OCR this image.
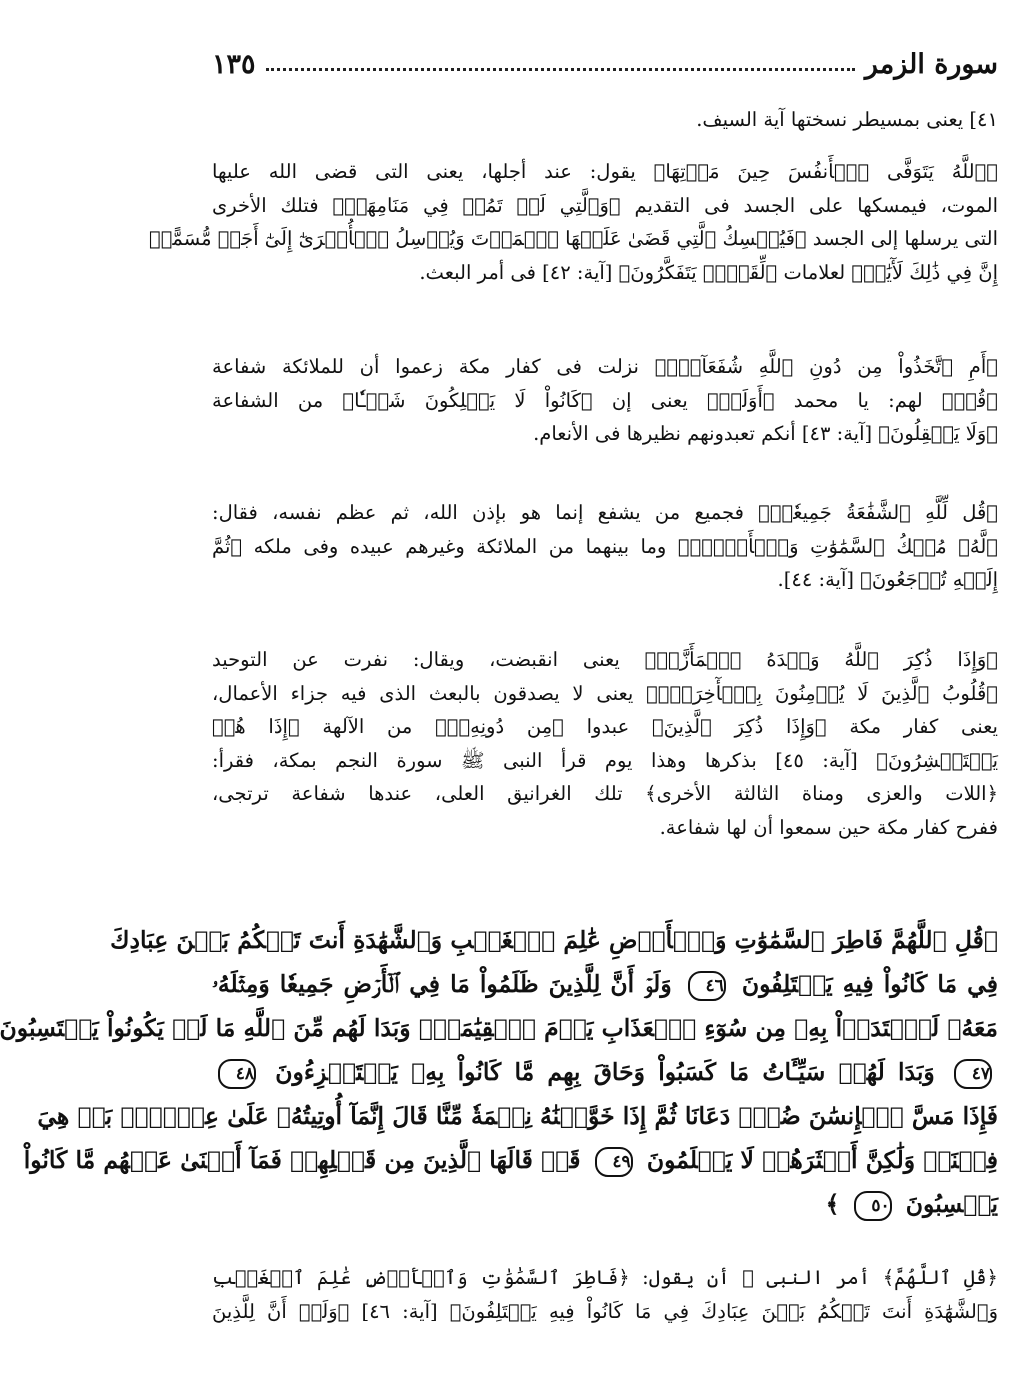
سورة الزمر
١٣٥
٤١] يعنى بمسيطر نسختها آية السيف.
﴿ٱللَّهُ يَتَوَفَّى ٱلۡأَنفُسَ حِينَ مَوۡتِهَا﴾ يقول: عند أجلها، يعنى التى قضى الله عليها
الموت، فيمسكها على الجسد فى التقديم ﴿وَٱلَّتِي لَمۡ تَمُتۡ فِي مَنَامِهَاۖ﴾ فتلك الأخرى
التى يرسلها إلى الجسد ﴿فَيُمۡسِكُ ٱلَّتِي قَضَىٰ عَلَيۡهَا ٱلۡمَوۡتَ وَيُرۡسِلُ ٱلۡأُخۡرَىٰٓ إِلَىٰٓ أَجَلٖ مُّسَمًّىۚ
إِنَّ فِي ذَٰلِكَ لَأٓيَٰتٖ﴾ لعلامات ﴿لِّقَوۡمٖ يَتَفَكَّرُونَ﴾ [آية: ٤٢] فى أمر البعث.
﴿أَمِ ٱتَّخَذُواْ مِن دُونِ ٱللَّهِ شُفَعَآءَۚ﴾ نزلت فى كفار مكة زعموا أن للملائكة شفاعة
﴿قُلۡ﴾ لهم: يا محمد ﴿أَوَلَوۡ﴾ يعنى إن ﴿كَانُواْ لَا يَمۡلِكُونَ شَيۡـٔٗا﴾ من الشفاعة
﴿وَلَا يَعۡقِلُونَ﴾ [آية: ٤٣] أنكم تعبدونهم نظيرها فى الأنعام.
﴿قُل لِّلَّهِ ٱلشَّفَٰعَةُ جَمِيعٗاۖ﴾ فجميع من يشفع إنما هو بإذن الله، ثم عظم نفسه، فقال:
﴿لَّهُۥ مُلۡكُ ٱلسَّمَٰوَٰتِ وَٱلۡأَرۡضِۖ﴾ وما بينهما من الملائكة وغيرهم عبيده وفى ملكه ﴿ثُمَّ
إِلَيۡهِ تُرۡجَعُونَ﴾ [آية: ٤٤].
﴿وَإِذَا ذُكِرَ ٱللَّهُ وَحۡدَهُ ٱشۡمَأَزَّتۡ﴾ يعنى انقبضت، ويقال: نفرت عن التوحيد
﴿قُلُوبُ ٱلَّذِينَ لَا يُؤۡمِنُونَ بِٱلۡأٓخِرَةِۖ﴾ يعنى لا يصدقون بالبعث الذى فيه جزاء الأعمال،
يعنى كفار مكة ﴿وَإِذَا ذُكِرَ ٱلَّذِينَ﴾ عبدوا ﴿مِن دُونِهِۦٓ﴾ من الآلهة ﴿إِذَا هُمۡ
يَسۡتَبۡشِرُونَ﴾ [آية: ٤٥] بذكرها وهذا يوم قرأ النبى ﷺ سورة النجم بمكة، فقرأ:
﴿اللات والعزى ومناة الثالثة الأخرى﴾ تلك الغرانيق العلى، عندها شفاعة ترتجى،
ففرح كفار مكة حين سمعوا أن لها شفاعة.
﴿قُلِ ٱللَّهُمَّ فَاطِرَ ٱلسَّمَٰوَٰتِ وَٱلۡأَرۡضِ عَٰلِمَ ٱلۡغَيۡبِ وَٱلشَّهَٰدَةِ أَنتَ تَحۡكُمُ بَيۡنَ عِبَادِكَ
فِي مَا كَانُواْ فِيهِ يَخۡتَلِفُونَ ٤٦ وَلَوۡ أَنَّ لِلَّذِينَ ظَلَمُواْ مَا فِي ٱلۡأَرۡضِ جَمِيعٗا وَمِثۡلَهُۥ
مَعَهُۥ لَٱفۡتَدَوۡاْ بِهِۦ مِن سُوٓءِ ٱلۡعَذَابِ يَوۡمَ ٱلۡقِيَٰمَةِۚ وَبَدَا لَهُم مِّنَ ٱللَّهِ مَا لَمۡ يَكُونُواْ يَحۡتَسِبُونَ
٤٧ وَبَدَا لَهُمۡ سَيِّـَٔاتُ مَا كَسَبُواْ وَحَاقَ بِهِم مَّا كَانُواْ بِهِۦ يَسۡتَهۡزِءُونَ ٤٨
فَإِذَا مَسَّ ٱلۡإِنسَٰنَ ضُرّٞ دَعَانَا ثُمَّ إِذَا خَوَّلۡنَٰهُ نِعۡمَةٗ مِّنَّا قَالَ إِنَّمَآ أُوتِيتُهُۥ عَلَىٰ عِلۡمِۭۚ بَلۡ هِيَ
فِتۡنَةٞ وَلَٰكِنَّ أَكۡثَرَهُمۡ لَا يَعۡلَمُونَ ٤٩ قَدۡ قَالَهَا ٱلَّذِينَ مِن قَبۡلِهِمۡ فَمَآ أَغۡنَىٰ عَنۡهُم مَّا كَانُواْ
يَكۡسِبُونَ ٥٠ ﴾
﴿قُلِ ٱللَّهُمَّ﴾ أمر النبى ﷺ أن يقول: ﴿فَاطِرَ ٱلسَّمَٰوَٰتِ وَٱلۡأَرۡضِ عَٰلِمَ ٱلۡغَيۡبِ
وَٱلشَّهَٰدَةِ أَنتَ تَحۡكُمُ بَيۡنَ عِبَادِكَ فِي مَا كَانُواْ فِيهِ يَخۡتَلِفُونَ﴾ [آية: ٤٦] ﴿وَلَوۡ أَنَّ لِلَّذِينَ
